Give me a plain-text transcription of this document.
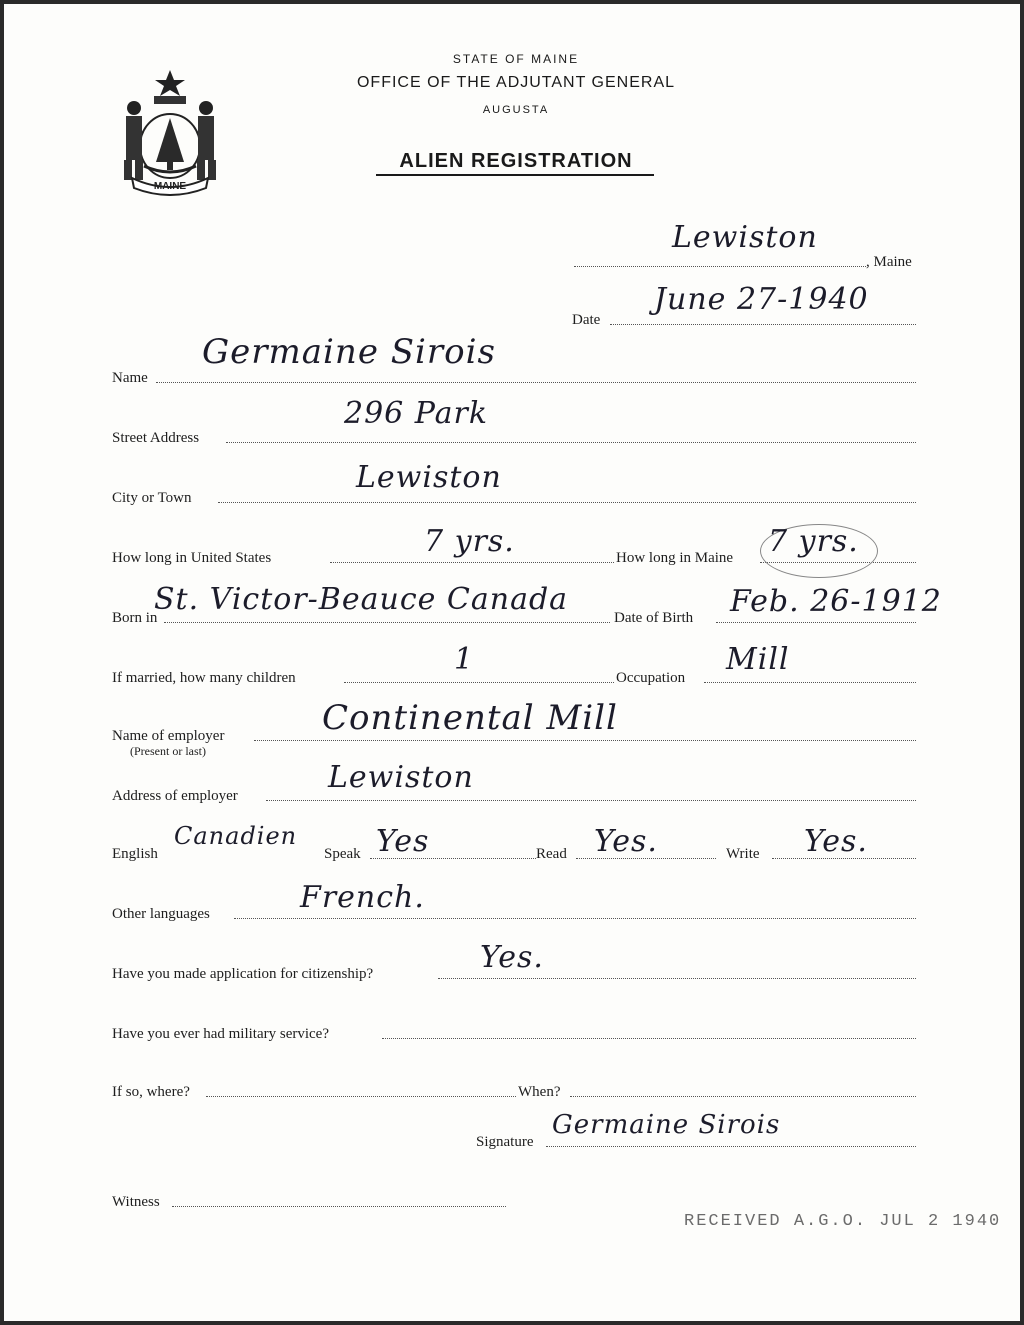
MAINE
STATE OF MAINE
OFFICE OF THE ADJUTANT GENERAL
AUGUSTA
ALIEN REGISTRATION
Lewiston
, Maine
Date
June 27-1940
Name
Germaine Sirois
Street Address
296 Park
City or Town
Lewiston
How long in United States	7 yrs.	How long in Maine 7 yrs.
Born in
St. Victor-Beauce Canada
Date of Birth Feb. 26-1912
If married, how many children
1
Occupation
Mill
Name of employer
(Present or last)
Continental Mill
Address of employer
Lewiston
English
Canadien
Speak Yes	Read Yes.	Write Yes.
Other languages	French.
Have you made application for citizenship?	Yes.
Have you ever had military service?
If so, where?	When?
Signature
Germaine Sirois
Witness
RECEIVED A.G.O. JUL 2 1940
